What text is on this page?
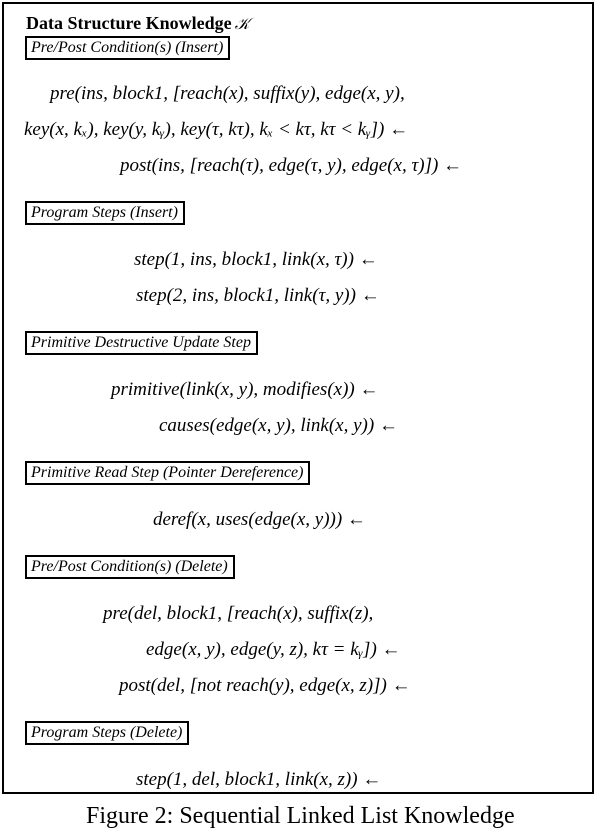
Data Structure Knowledge 𝒦
Pre/Post Condition(s) (Insert)
pre(ins, block1, [reach(x), suffix(y), edge(x, y),
key(x, kₓ), key(y, kᵧ), key(τ, kτ), kₓ < kτ, kτ < kᵧ]) ←
post(ins, [reach(τ), edge(τ, y), edge(x, τ)]) ←
Program Steps (Insert)
step(1, ins, block1, link(x, τ)) ←
step(2, ins, block1, link(τ, y)) ←
Primitive Destructive Update Step
primitive(link(x, y), modifies(x)) ←
causes(edge(x, y), link(x, y)) ←
Primitive Read Step (Pointer Dereference)
deref(x, uses(edge(x, y))) ←
Pre/Post Condition(s) (Delete)
pre(del, block1, [reach(x), suffix(z),
edge(x, y), edge(y, z), kτ = kᵧ]) ←
post(del, [not reach(y), edge(x, z)]) ←
Program Steps (Delete)
step(1, del, block1, link(x, z)) ←
Figure 2: Sequential Linked List Knowledge
